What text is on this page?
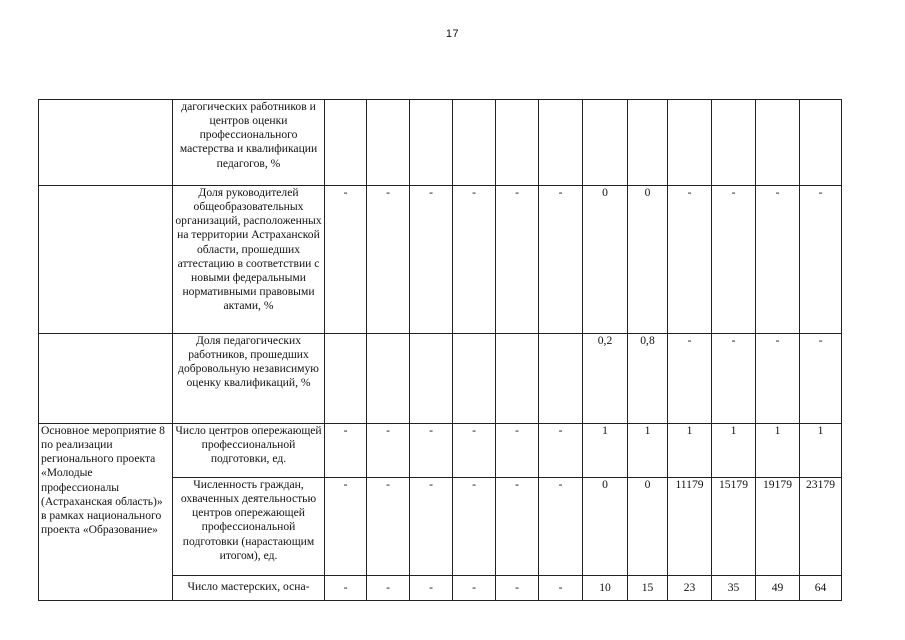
17
	дагогических работников и центров оценки профессионального мастерства и квалификации педагогов, %												
	Доля руководителей общеобразовательных организаций, расположенных на территории Астраханской области, прошедших аттестацию в соответствии с новыми федеральными нормативными правовыми актами, %	-	-	-	-	-	-	0	0	-	-	-	-
	Доля педагогических работников, прошедших добровольную независимую оценку квалификаций, %							0,2	0,8	-	-	-	-
Основное мероприятие 8 по реализации регионального проекта «Молодые профессионалы (Астраханская область)» в рамках национального проекта «Образование»	Число центров опережающей профессиональной подготовки, ед.	-	-	-	-	-	-	1	1	1	1	1	1
	Численность граждан, охваченных деятельностью центров опережающей профессиональной подготовки (нарастающим итогом), ед.	-	-	-	-	-	-	0	0	11179	15179	19179	23179
	Число мастерских, осна-	-	-	-	-	-	-	10	15	23	35	49	64
